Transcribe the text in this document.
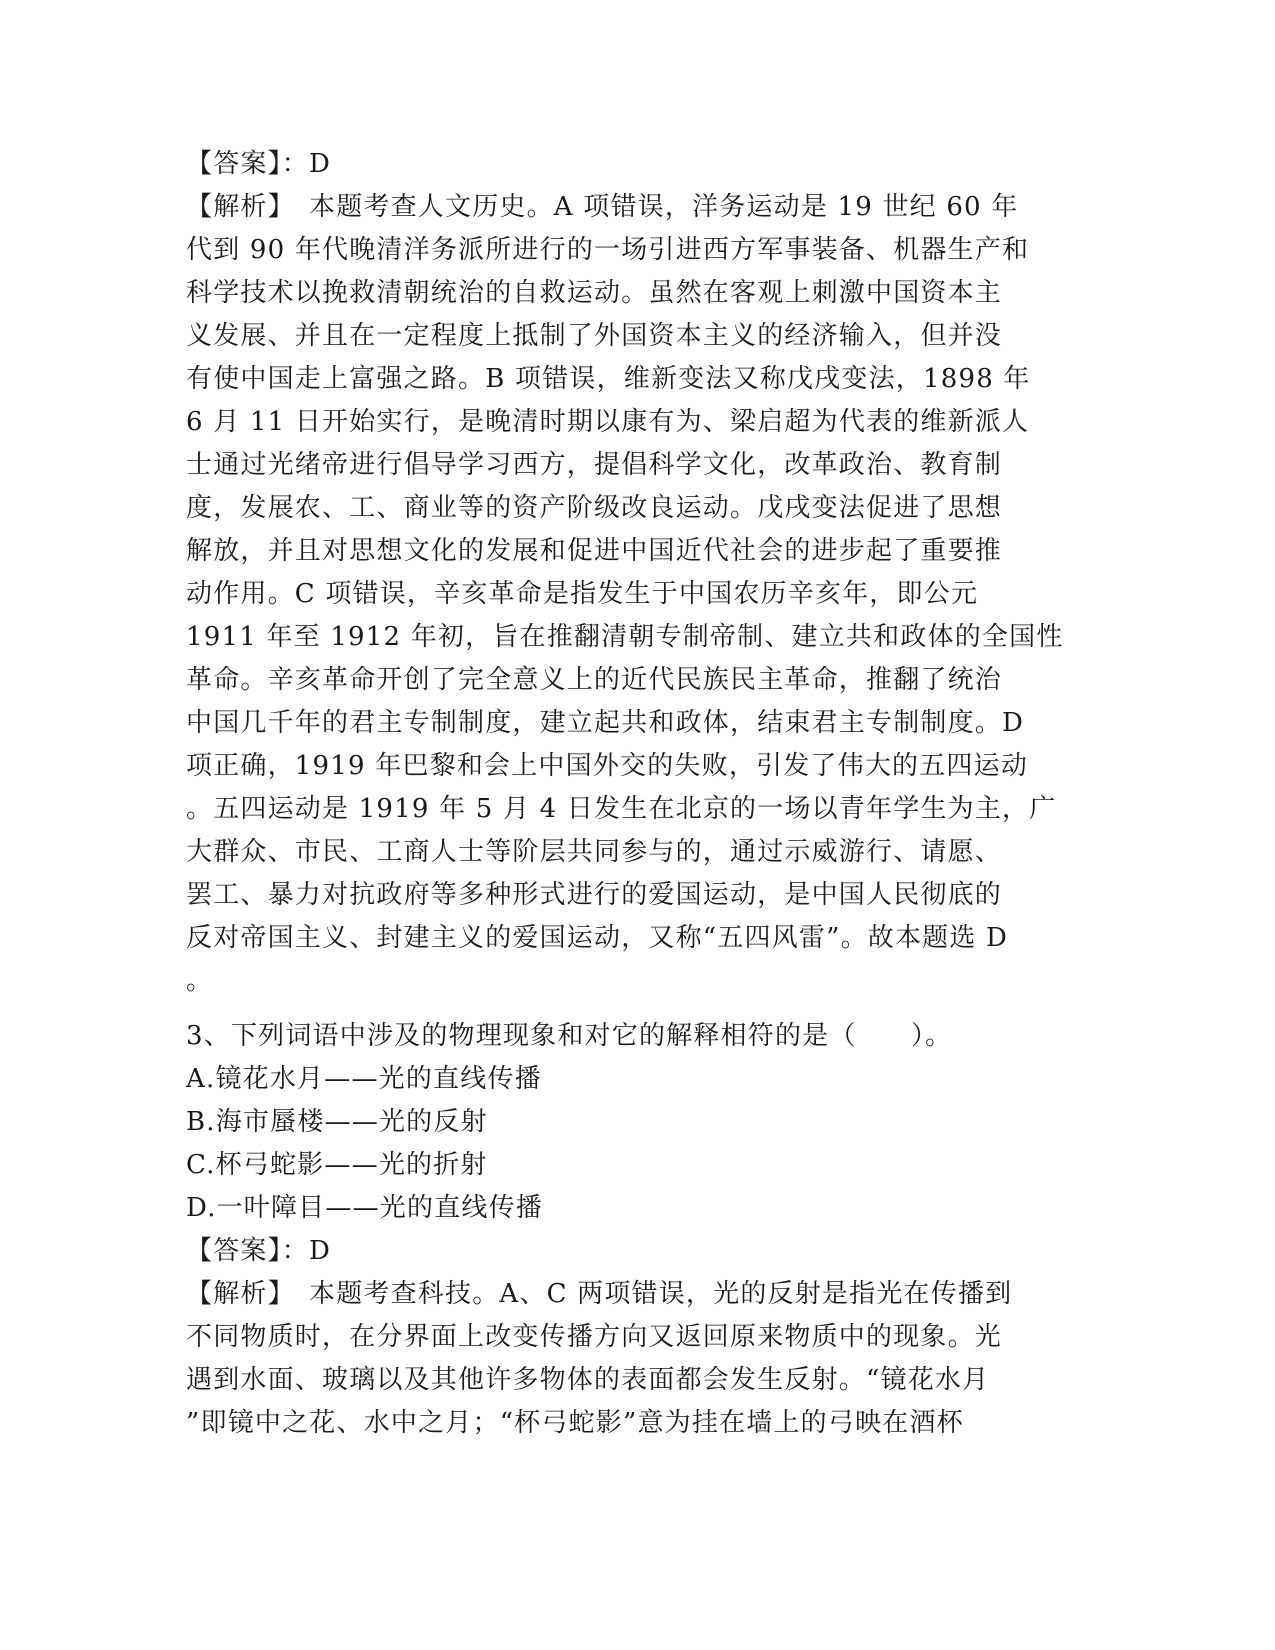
【答案】：D
【解析】　本题考查人文历史。A 项错误，洋务运动是 19 世纪 60 年
代到 90 年代晚清洋务派所进行的一场引进西方军事装备、机器生产和
科学技术以挽救清朝统治的自救运动。虽然在客观上刺激中国资本主
义发展、并且在一定程度上抵制了外国资本主义的经济输入，但并没
有使中国走上富强之路。B 项错误，维新变法又称戊戌变法，1898 年
6 月 11 日开始实行，是晚清时期以康有为、梁启超为代表的维新派人
士通过光绪帝进行倡导学习西方，提倡科学文化，改革政治、教育制
度，发展农、工、商业等的资产阶级改良运动。戊戌变法促进了思想
解放，并且对思想文化的发展和促进中国近代社会的进步起了重要推
动作用。C 项错误，辛亥革命是指发生于中国农历辛亥年，即公元
1911 年至 1912 年初，旨在推翻清朝专制帝制、建立共和政体的全国性
革命。辛亥革命开创了完全意义上的近代民族民主革命，推翻了统治
中国几千年的君主专制制度，建立起共和政体，结束君主专制制度。D
项正确，1919 年巴黎和会上中国外交的失败，引发了伟大的五四运动
。五四运动是 1919 年 5 月 4 日发生在北京的一场以青年学生为主，广
大群众、市民、工商人士等阶层共同参与的，通过示威游行、请愿、
罢工、暴力对抗政府等多种形式进行的爱国运动，是中国人民彻底的
反对帝国主义、封建主义的爱国运动，又称“五四风雷”。故本题选 D
。
3、下列词语中涉及的物理现象和对它的解释相符的是（　　）。
A.镜花水月——光的直线传播
B.海市蜃楼——光的反射
C.杯弓蛇影——光的折射
D.一叶障目——光的直线传播
【答案】：D
【解析】　本题考查科技。A、C 两项错误，光的反射是指光在传播到
不同物质时，在分界面上改变传播方向又返回原来物质中的现象。光
遇到水面、玻璃以及其他许多物体的表面都会发生反射。“镜花水月
”即镜中之花、水中之月；“杯弓蛇影”意为挂在墙上的弓映在酒杯
